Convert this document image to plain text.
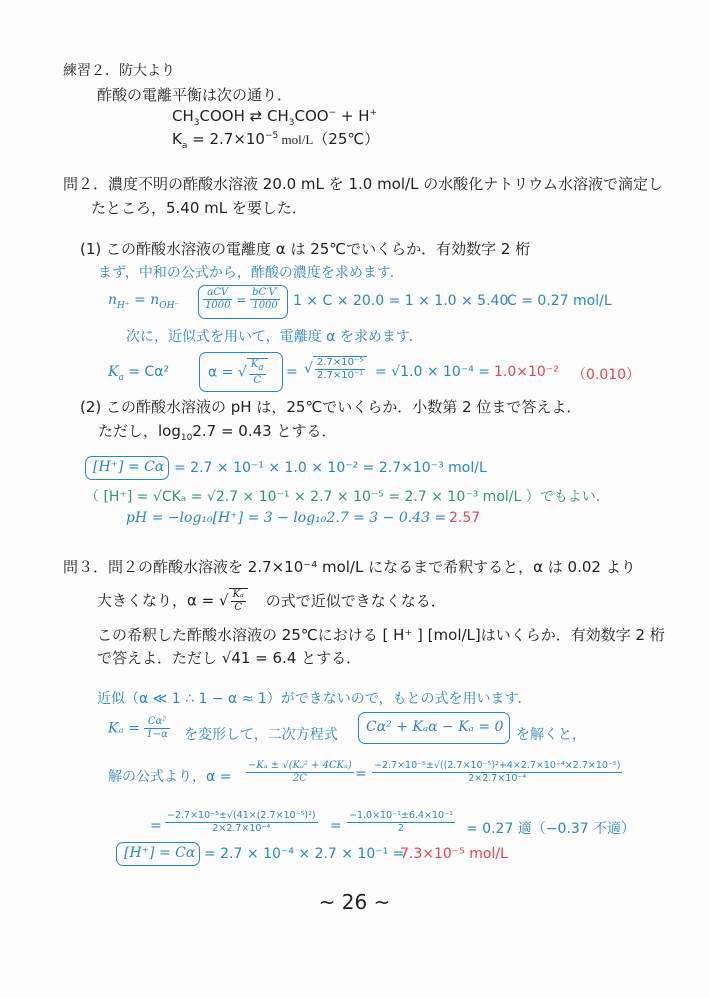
練習２．防大より
酢酸の電離平衡は次の通り．
$CH_3COOH$ ⇄ $CH_3COO^- + H^+$
$K_a = 2.7\times 10^{-5}$ mol/L（25℃）
問２．濃度不明の酢酸水溶液 20.0 mL を 1.0 mol/L の水酸化ナトリウム水溶液で滴定し
たところ，5.40 mL を要した．
(1) この酢酸水溶液の電離度 α は 25℃でいくらか．有効数字 2 桁
まず，中和の公式から，酢酸の濃度を求めます．
$n_{H^+} = n_{OH^-} \frac{\text{aCV}}{1000} = \frac{bC'V'}{1000} 1 \times C \times 20.0 = 1 \times 1.0 \times 5.40$
C = 0.27 mol/L
次に，近似式を用いて，電離度 α を求めます．
$K_a = C\alpha^2$	α = √ $\frac{K_a}{C}$ = √ $\frac{\text{2.7×10⁻⁵}}{\text{2.7×10⁻¹}} = √1.0 \times 10^{-4} = 1.0\times 10^{-2}$ （0.010）
(2) この酢酸水溶液の pH は，25℃でいくらか．小数第 2 位まで答えよ．
ただし，$\log_{10}2.7 = 0.43$ とする．
[H⁺] = Cα = 2.7 × 10⁻¹ × 1.0 × 10⁻² = 2.7×10⁻³ mol/L
（ [H⁺] = √CKₐ = √2.7 × 10⁻¹ × 2.7 × 10⁻⁵ = 2.7 × 10⁻³ mol/L ）でもよい．
pH = −log₁₀[H⁺] = 3 − log₁₀2.7 = 3 − 0.43 = 2.57
問３．問２の酢酸水溶液を 2.7×10⁻⁴ mol/L になるまで希釈すると，α は 0.02 より
大きくなり，α = √ $\frac{\text{Kₐ}}{C}$ の式で近似できなくなる．
この希釈した酢酸水溶液の 25℃における [ H⁺ ] [mol/L]はいくらか．有効数字 2 桁
で答えよ．ただし √41 = 6.4 とする．
近似（α ≪ 1 ∴ 1 − α ≈ 1）ができないので，もとの式を用います．
$K_a = \frac{\text{Cα²}}{1-\alpha}$ を変形して，二次方程式 Cα² + Kₐα − Kₐ = 0 を解くと，
解の公式より，$\alpha = \frac{\text{−Kₐ ± √(Kₐ² + 4CKₐ)}}{2C} = \frac{\text{−2.7×10⁻⁵±√((2.7×10⁻⁵)²+4×2.7×10⁻⁴×2.7×10⁻⁵)}}{\text{2×2.7×10⁻⁴}}$
= $\frac{\text{−2.7×10⁻⁵±√(41×(2.7×10⁻⁵)²)}}{\text{2×2.7×10⁻⁴}} = \frac{\text{−1.0×10⁻¹±6.4×10⁻¹}}{2} = 0.27$ 適（−0.37 不適）
[H⁺] = Cα = 2.7 × 10⁻⁴ × 2.7 × 10⁻¹ =
7.3×10⁻⁵ mol/L
~ 26 ~
